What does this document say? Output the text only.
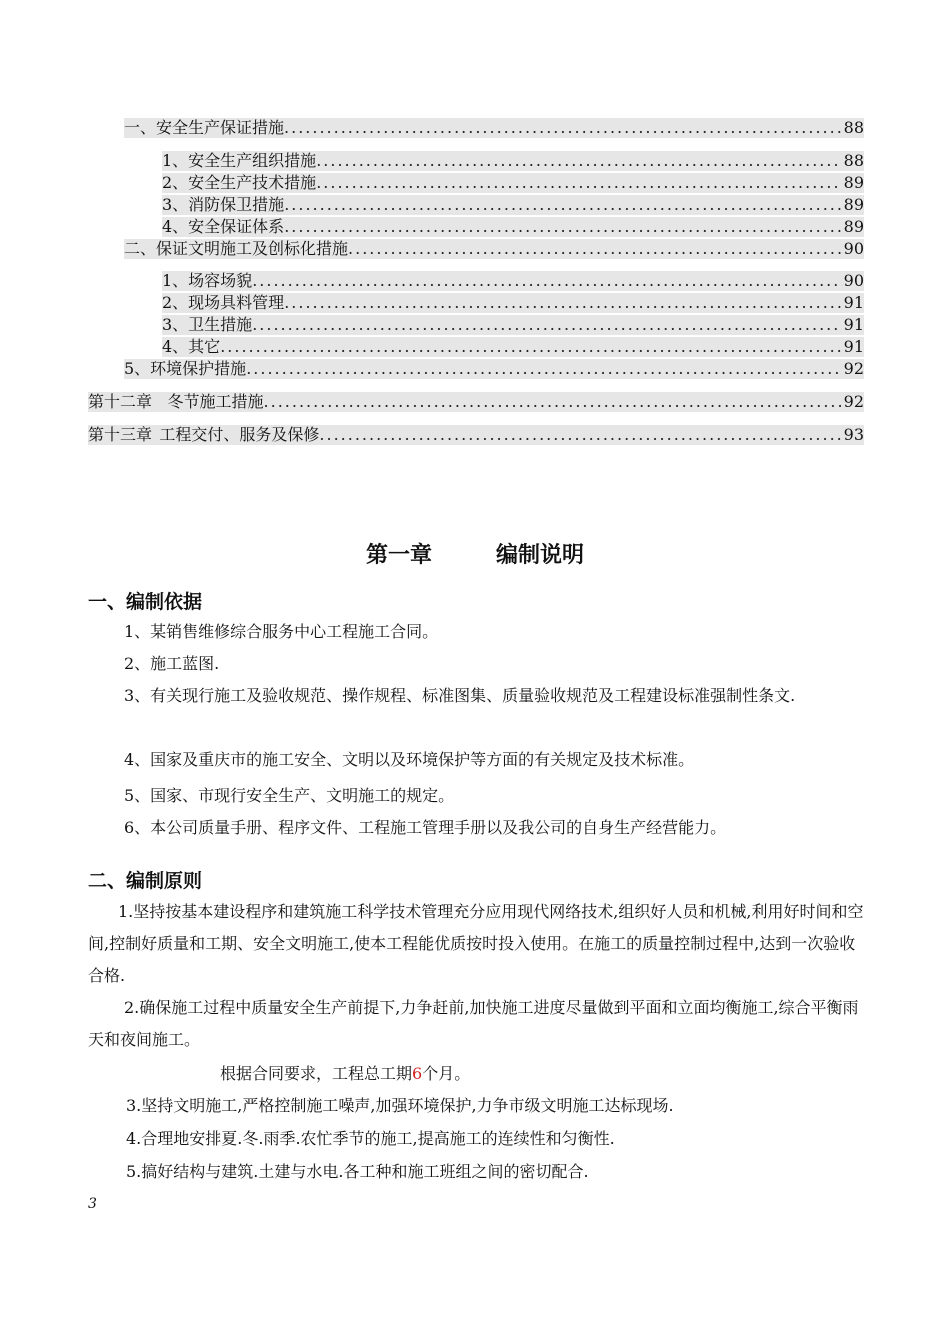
一、安全生产保证措施 .....	88
1、安全生产组织措施 .....	88
2、安全生产技术措施 .....	89
3、消防保卫措施 .....	89
4、安全保证体系 .....	89
二、保证文明施工及创标化措施 .....	90
1、场容场貌 .....	90
2、现场具料管理 .....	91
3、卫生措施 .....	91
4、其它 .....	91
5、环境保护措施 .....	92
第十二章 冬节施工措施 .....	92
第十三章 工程交付、服务及保修 .....	93
第一章	编制说明
一、编制依据
1、某销售维修综合服务中心工程施工合同。
2、施工蓝图.
3、有关现行施工及验收规范、操作规程、标准图集、质量验收规范及工程建设标准强制性条文.
4、国家及重庆市的施工安全、文明以及环境保护等方面的有关规定及技术标准。
5、国家、市现行安全生产、文明施工的规定。
6、本公司质量手册、程序文件、工程施工管理手册以及我公司的自身生产经营能力。
二、编制原则
1.坚持按基本建设程序和建筑施工科学技术管理充分应用现代网络技术,组织好人员和机械,利用好时间和空间,控制好质量和工期、安全文明施工,使本工程能优质按时投入使用。在施工的质量控制过程中,达到一次验收合格.
2.确保施工过程中质量安全生产前提下,力争赶前,加快施工进度尽量做到平面和立面均衡施工,综合平衡雨天和夜间施工。
根据合同要求，工程总工期6个月。
3.坚持文明施工,严格控制施工噪声,加强环境保护,力争市级文明施工达标现场.
4.合理地安排夏.冬.雨季.农忙季节的施工,提高施工的连续性和匀衡性.
5.搞好结构与建筑.土建与水电.各工种和施工班组之间的密切配合.
3
